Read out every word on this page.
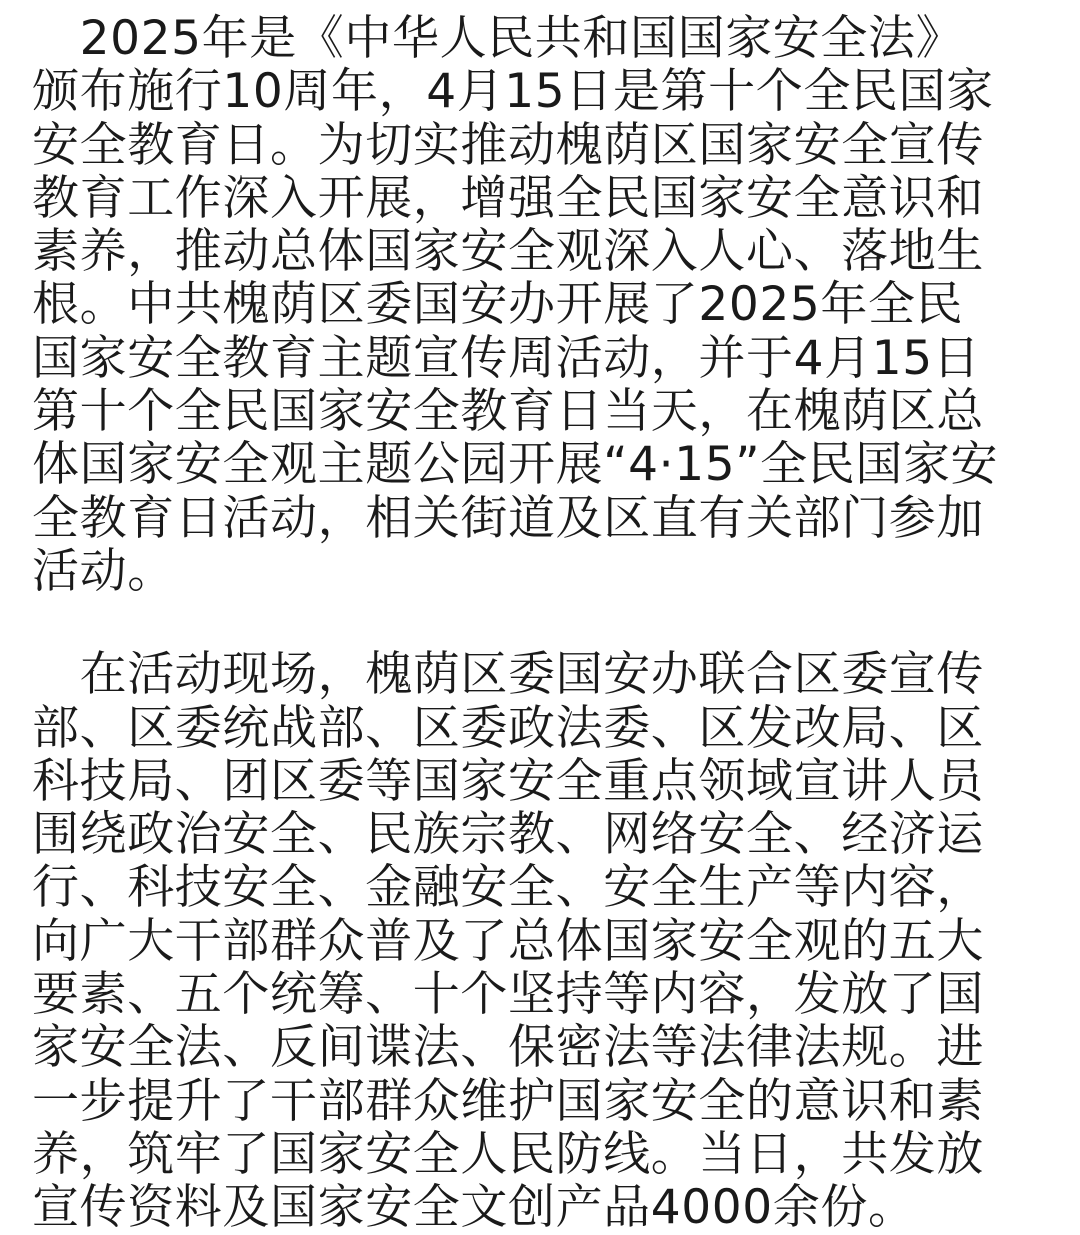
　2025年是《中华人民共和国国家安全法》
颁布施行10周年，4月15日是第十个全民国家
安全教育日。为切实推动槐荫区国家安全宣传
教育工作深入开展，增强全民国家安全意识和
素养，推动总体国家安全观深入人心、落地生
根。中共槐荫区委国安办开展了2025年全民
国家安全教育主题宣传周活动，并于4月15日
第十个全民国家安全教育日当天，在槐荫区总
体国家安全观主题公园开展“4·15”全民国家安
全教育日活动，相关街道及区直有关部门参加
活动。
　在活动现场，槐荫区委国安办联合区委宣传
部、区委统战部、区委政法委、区发改局、区
科技局、团区委等国家安全重点领域宣讲人员
围绕政治安全、民族宗教、网络安全、经济运
行、科技安全、金融安全、安全生产等内容，
向广大干部群众普及了总体国家安全观的五大
要素、五个统筹、十个坚持等内容，发放了国
家安全法、反间谍法、保密法等法律法规。进
一步提升了干部群众维护国家安全的意识和素
养，筑牢了国家安全人民防线。当日，共发放
宣传资料及国家安全文创产品4000余份。
